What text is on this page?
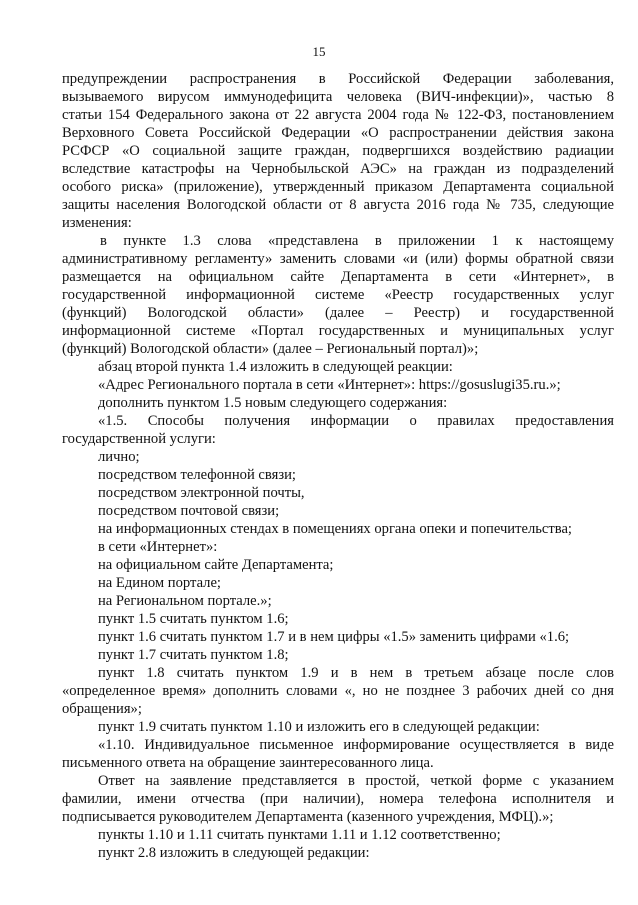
15
предупреждении распространения в Российской Федерации заболевания,
вызываемого вирусом иммунодефицита человека (ВИЧ-инфекции)», частью 8
статьи 154 Федерального закона от 22 августа 2004 года № 122-ФЗ, постановлением
Верховного Совета Российской Федерации «О распространении действия закона
РСФСР «О социальной защите граждан, подвергшихся воздействию радиации
вследствие катастрофы на Чернобыльской АЭС» на граждан из подразделений
особого риска» (приложение), утвержденный приказом Департамента социальной
защиты населения Вологодской области от 8 августа 2016 года № 735, следующие
изменения:
в пункте 1.3 слова «представлена в приложении 1 к настоящему
административному регламенту» заменить словами «и (или) формы обратной связи
размещается на официальном сайте Департамента в сети «Интернет», в
государственной информационной системе «Реестр государственных услуг
(функций) Вологодской области» (далее – Реестр) и государственной
информационной системе «Портал государственных и муниципальных услуг
(функций) Вологодской области» (далее – Региональный портал)»;
абзац второй пункта 1.4 изложить в следующей реакции:
«Адрес Регионального портала в сети «Интернет»: https://gosuslugi35.ru.»;
дополнить пунктом 1.5 новым следующего содержания:
«1.5. Способы получения информации о правилах предоставления
государственной услуги:
лично;
посредством телефонной связи;
посредством электронной почты,
посредством почтовой связи;
на информационных стендах в помещениях органа опеки и попечительства;
в сети «Интернет»:
на официальном сайте Департамента;
на Едином портале;
на Региональном портале.»;
пункт 1.5 считать пунктом 1.6;
пункт 1.6 считать пунктом 1.7 и в нем цифры «1.5» заменить цифрами «1.6;
пункт 1.7 считать пунктом 1.8;
пункт 1.8 считать пунктом 1.9 и в нем в третьем абзаце после слов
«определенное время» дополнить словами «, но не позднее 3 рабочих дней со дня
обращения»;
пункт 1.9 считать пунктом 1.10 и изложить его в следующей редакции:
«1.10. Индивидуальное письменное информирование осуществляется в виде
письменного ответа на обращение заинтересованного лица.
Ответ на заявление представляется в простой, четкой форме с указанием
фамилии, имени отчества (при наличии), номера телефона исполнителя и
подписывается руководителем Департамента (казенного учреждения, МФЦ).»;
пункты 1.10 и 1.11 считать пунктами 1.11 и 1.12 соответственно;
пункт 2.8 изложить в следующей редакции:
